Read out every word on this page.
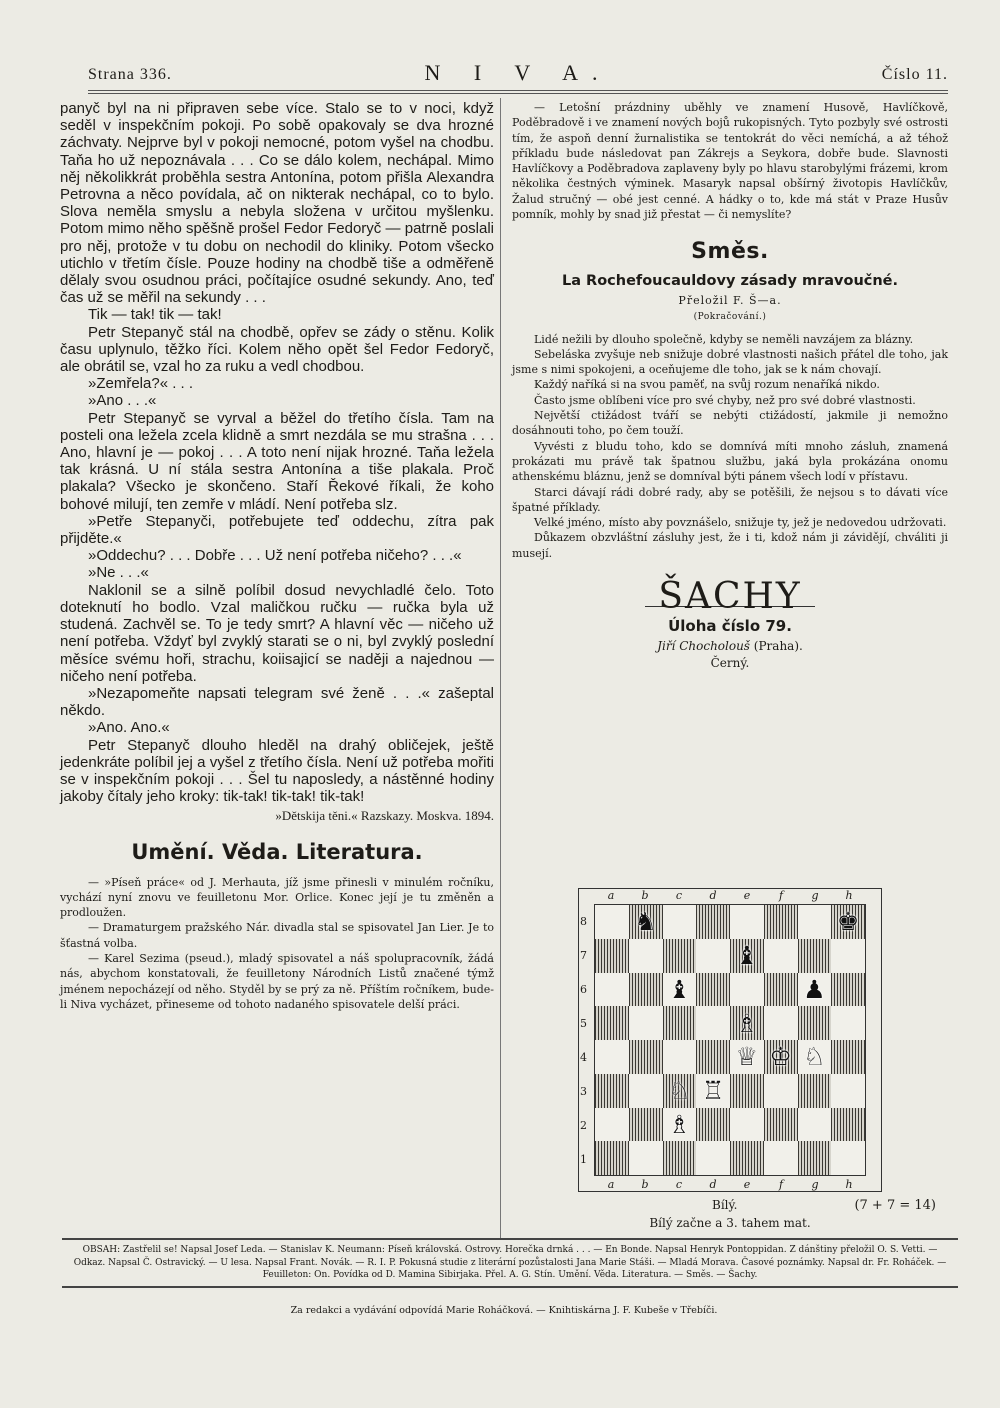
Strana 336.	N I V A.	Číslo 11.

panyč byl na ni připraven sebe více. Stalo se to v noci, když seděl v inspekčním pokoji. Po sobě opakovaly se dva hrozné záchvaty. Nejprve byl v pokoji nemocné, potom vyšel na chodbu. Taňa ho už nepoznávala . . . Co se dálo kolem, nechápal. Mimo něj několikkrát proběhla sestra Antonína, potom přišla Alexandra Petrovna a něco povídala, ač on nikterak nechápal, co to bylo. Slova neměla smyslu a nebyla složena v určitou myšlenku. Potom mimo něho spěšně prošel Fedor Fedoryč — patrně poslali pro něj, protože v tu dobu on nechodil do kliniky. Potom všecko utichlo v třetím čísle. Pouze hodiny na chodbě tiše a odměřeně dělaly svou osudnou práci, počítajíce osudné sekundy. Ano, teď čas už se měřil na sekundy . . .

Tik — tak! tik — tak!

Petr Stepanyč stál na chodbě, opřev se zády o stěnu. Kolik času uplynulo, těžko říci. Kolem něho opět šel Fedor Fedoryč, ale obrátil se, vzal ho za ruku a vedl chodbou.

»Zemřela?« . . .

»Ano . . .«

Petr Stepanyč se vyrval a běžel do třetího čísla. Tam na posteli ona ležela zcela klidně a smrt nezdála se mu strašna . . . Ano, hlavní je — pokoj . . . A toto není nijak hrozné. Taňa ležela tak krásná. U ní stála sestra Antonína a tiše plakala. Proč plakala? Všecko je skončeno. Staří Řekové říkali, že koho bohové milují, ten zemře v mládí. Není potřeba slz.

»Petře Stepanyči, potřebujete teď oddechu, zítra pak přijděte.«

»Oddechu? . . . Dobře . . . Už není potřeba ničeho? . . .«

»Ne . . .«

Naklonil se a silně políbil dosud nevychladlé čelo. Toto doteknutí ho bodlo. Vzal maličkou ručku — ručka byla už studená. Zachvěl se. To je tedy smrt? A hlavní věc — ničeho už není potřeba. Vždyť byl zvyklý starati se o ni, byl zvyklý poslední měsíce svému hoři, strachu, koiisajicí se naději a najednou — ničeho není potřeba.

»Nezapomeňte napsati telegram své ženě . . .« zašeptal někdo.

»Ano. Ano.«

Petr Stepanyč dlouho hleděl na drahý obličejek, ještě jedenkráte políbil jej a vyšel z třetího čísla. Není už potřeba mořiti se v inspekčním pokoji . . . Šel tu naposledy, a nástěnné hodiny jakoby čítaly jeho kroky: tik-tak! tik-tak! tik-tak!

»Dětskija těni.« Razskazy. Moskva. 1894.

Umění. Věda. Literatura.

— »Píseň práce« od J. Merhauta, jíž jsme přinesli v minulém ročníku, vychází nyní znovu ve feuilletonu Mor. Orlice. Konec její je tu změněn a prodloužen.

— Dramaturgem pražského Nár. divadla stal se spisovatel Jan Lier. Je to šťastná volba.

— Karel Sezima (pseud.), mladý spisovatel a náš spolupracovník, žádá nás, abychom konstatovali, že feuilletony Národních Listů značené týmž jménem nepocházejí od něho. Styděl by se prý za ně. Příštím ročníkem, bude-li Niva vycházet, přineseme od tohoto nadaného spisovatele delší práci.

— Letošní prázdniny uběhly ve znamení Husově, Havlíčkově, Poděbradově i ve znamení nových bojů rukopisných. Tyto pozbyly své ostrosti tím, že aspoň denní žurnalistika se tentokrát do věci nemíchá, a až téhož příkladu bude následovat pan Zákrejs a Seykora, dobře bude. Slavnosti Havlíčkovy a Poděbradova zaplaveny byly po hlavu starobylými frázemi, krom několika čestných výminek. Masaryk napsal obšírný životopis Havlíčkův, Žalud stručný — obé jest cenné. A hádky o to, kde má stát v Praze Husův pomník, mohly by snad již přestat — či nemyslíte?

Směs.
La Rochefoucauldovy zásady mravoučné.
Přeložil F. Š—a.
(Pokračování.)

Lidé nežili by dlouho společně, kdyby se neměli navzájem za blázny.

Sebeláska zvyšuje neb snižuje dobré vlastnosti našich přátel dle toho, jak jsme s nimi spokojeni, a oceňujeme dle toho, jak se k nám chovají.

Každý naříká si na svou paměť, na svůj rozum nenaříká nikdo.

Často jsme oblíbeni více pro své chyby, než pro své dobré vlastnosti.

Největší ctižádost tváří se nebýti ctižádostí, jakmile ji nemožno dosáhnouti toho, po čem touží.

Vyvésti z bludu toho, kdo se domnívá míti mnoho zásluh, znamená prokázati mu právě tak špatnou službu, jaká byla prokázána onomu athenskému bláznu, jenž se domníval býti pánem všech lodí v přístavu.

Starci dávají rádi dobré rady, aby se potěšili, že nejsou s to dávati více špatné příklady.

Velké jméno, místo aby povznášelo, snižuje ty, jež je nedovedou udržovati.

Důkazem obzvláštní zásluhy jest, že i ti, kdož nám ji závidějí, chváliti ji musejí.

ŠACHY
Úloha číslo 79.
Jiří Chocholouš (Praha).
Černý.
a	b	c	d	e	f	g	h
8
7
6
5
4
3
2
1
♞	♚
♝
♝	♟
♗
♕ ♔ ♘
♘ ♖
♗
a	b	c	d	e	f	g	h
Bílý.	(7 + 7 = 14)
Bílý začne a 3. tahem mat.
OBSAH: Zastřelil se! Napsal Josef Leda. — Stanislav K. Neumann: Píseň královská. Ostrovy. Horečka drnká . . . — En Bonde. Napsal Henryk Pontoppidan. Z dánštiny přeložil O. S. Vetti. — Odkaz. Napsal Č. Ostravický. — U lesa. Napsal Frant. Novák. — R. I. P. Pokusná studie z literární pozůstalosti Jana Marie Stáši. — Mladá Morava. Časové poznámky. Napsal dr. Fr. Roháček. — Feuilleton: On. Povídka od D. Maminа Sibirjaka. Přel. A. G. Stín. Umění. Věda. Literatura. — Směs. — Šachy.
Za redakci a vydávání odpovídá Marie Roháčková. — Knihtiskárna J. F. Kubeše v Třebíči.
